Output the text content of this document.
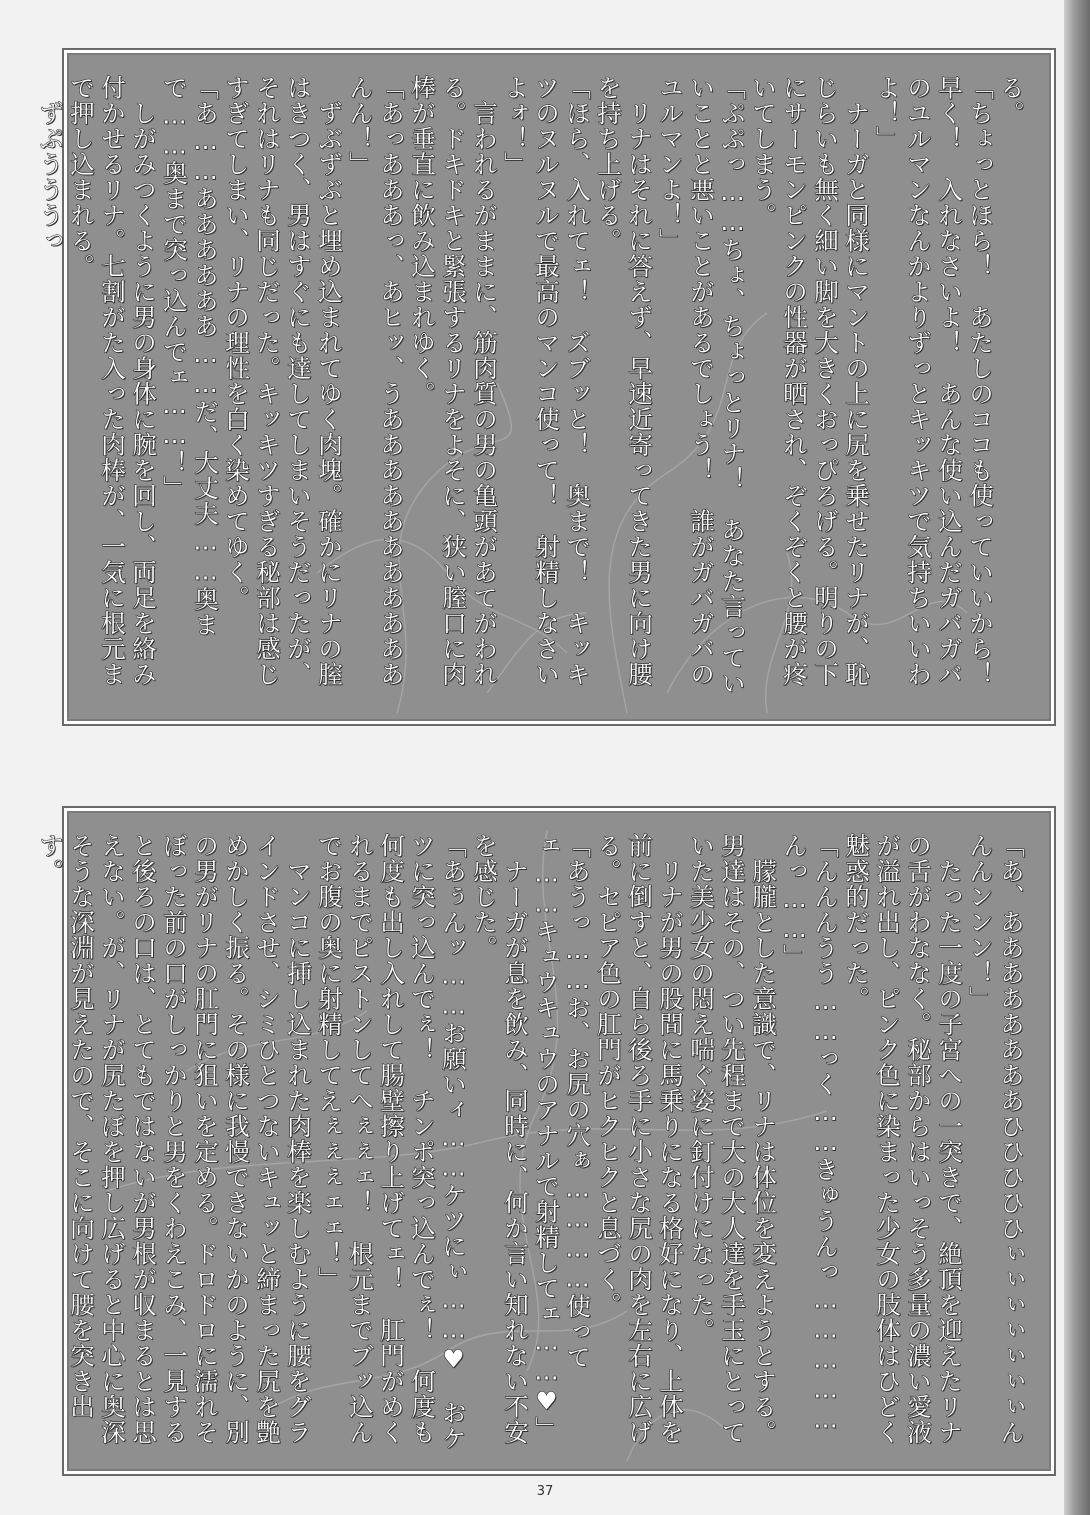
る。
「ちょっとほら！　あたしのココも使っていいから！　早く！　入れなさいよ！　あんな使い込んだガバガバのユルマンなんかよりずっとキッキツで気持ちいいわよ！」
　ナーガと同様にマントの上に尻を乗せたリナが、恥じらいも無く細い脚を大きくおっぴろげる。明りの下にサーモンピンクの性器が晒され、ぞくぞくと腰が疼いてしまう。
「ぷぷっ……ちょ、ちょっとリナ！　あなた言っていいことと悪いことがあるでしょう！　誰がガバガバのユルマンよ！」
　リナはそれに答えず、早速近寄ってきた男に向け腰を持ち上げる。
「ほら、入れてェ！　ズブッと！　奥まで！　キッキツのヌルヌルで最高のマンコ使って！　射精しなさいよォ！」
　言われるがままに、筋肉質の男の亀頭があてがわれる。ドキドキと緊張するリナをよそに、狭い膣口に肉棒が垂直に飲み込まれゆく。
「あっあああっ、あヒッ、うあああああああああああんん！」
　ずぶずぶと埋め込まれてゆく肉塊。確かにリナの膣はきつく、男はすぐにも達してしまいそうだったが、それはリナも同じだった。キッキツすぎる秘部は感じすぎてしまい、リナの理性を白く染めてゆく。
「あ……ああああああ……だ、大丈夫……奥まで……奥まで突っ込んでェ……！」
　しがみつくように男の身体に腕を回し、両足を絡み付かせるリナ。七割がた入った肉棒が、一気に根元まで押し込まれる。
　ずぷうううっ
「あ、ああああああああひひひひひぃぃぃぃぃぃぃんんんンンン！」
　たった一度の子宮への一突きで、絶頂を迎えたリナの舌がわななく。秘部からはいっそう多量の濃い愛液が溢れ出し、ピンク色に染まった少女の肢体はひどく魅惑的だった。
「んんんうう……っく……きゅうんっ……………んっ……」
　朦朧とした意識で、リナは体位を変えようとする。男達はその、つい先程まで大の大人達を手玉にとっていた美少女の悶え喘ぐ姿に釘付けになった。
　リナが男の股間に馬乗りになる格好になり、上体を前に倒すと、自ら後ろ手に小さな尻の肉を左右に広げる。セピア色の肛門がヒクヒクと息づく。
「あうっ……お、お尻の穴ぁ…………使ってェ……キュウキュウのアナルで射精してェ……♥」
　ナーガが息を飲み、同時に、何か言い知れない不安を感じた。
「あぅんッ……お願いィ……ケツにぃ……♥　おケツに突っ込んでぇ！　チンポ突っ込んでぇ！　何度も何度も出し入れして腸壁擦り上げてェ！　肛門がめくれるまでピストンしてへぇぇェ！　根元までブッ込んでお腹の奥に射精してえぇぇぇェェ！」
　マンコに挿し込まれた肉棒を楽しむように腰をグラインドさせ、シミひとつないキュッと締まった尻を艶めかしく振る。その様に我慢できないかのように、別の男がリナの肛門に狙いを定める。ドロドロに濡れそぼった前の口がしっかりと男をくわえこみ、一見すると後ろの口は、とてもではないが男根が収まるとは思えない。が、リナが尻たぼを押し広げると中心に奥深そうな深淵が見えたので、そこに向けて腰を突き出す。
37
